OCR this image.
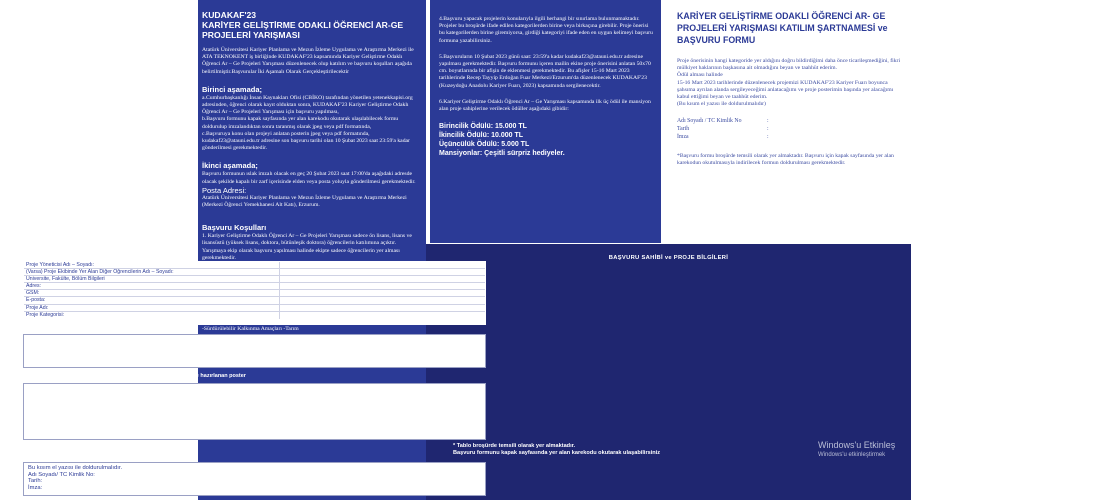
KUDAKAF'23
KARİYER GELİŞTİRME ODAKLI ÖĞRENCİ AR-GE PROJELERİ YARIŞMASI
Atatürk Üniversitesi Kariyer Planlama ve Mezun İzleme Uygulama ve Araştırma Merkezi ile ATA TEKNOKENT iş birliğinde KUDAKAF'23 kapsamında Kariyer Geliştirme Odaklı Öğrenci Ar – Ge Projeleri Yarışması düzenlenecek olup katılım ve başvuru koşulları aşağıda belirtilmiştir.Başvurular İki Aşamalı Olarak Gerçekleştirilecektir
Birinci aşamada;
a.Cumhurbaşkanlığı İnsan Kaynakları Ofisi (CBİKO) tarafından yönetilen yetenekkapisi.org adresinden, öğrenci olarak kayıt olduktan sonra, KUDAKAF'23 Kariyer Geliştirme Odaklı Öğrenci Ar – Ge Projeleri Yarışması için başvuru yapılması,
b.Başvuru formunu kapak sayfasında yer alan karekodu okutarak ulaşılabilecek formu doldurulup imzalandıktan sonra taranmış olarak jpeg veya pdf formatında,
c.Başvuruya konu olan projeyi anlatan posterin jpeg veya pdf formatında, kudakaf23@atauni.edu.tr adresine son başvuru tarihi olan 10 Şubat 2023 saat 23:59'a kadar gönderilmesi gerekmektedir.
İkinci aşamada;
Başvuru formunun ıslak imzalı olacak en geç 20 Şubat 2023 saat 17:00'da aşağıdaki adresde olacak şekilde kapalı bir zarf içerisinde elden veya posta yoluyla gönderilmesi gerekmektedir.
Posta Adresi:
Atatürk Üniversitesi Kariyer Planlama ve Mezun İzleme Uygulama ve Araştırma Merkezi
(Merkezi Öğrenci Yemekhanesi Alt Katı), Erzurum.
Başvuru Koşulları
1. Kariyer Geliştirme Odaklı Öğrenci Ar – Ge Projeleri Yarışması sadece ön lisans, lisans ve lisansüstü (yüksek lisans, doktora, bütünleşik doktora) öğrencilerin katılımına açıktır. Yarışmaya ekip olarak başvuru yapılması halinde ekipte sadece öğrencilerin yer alması gerekmektedir.

-Sürdürülebilir Kalkınma Amaçları -Tarım

4.Başvuru yapacak projelerin konularıyla ilgili herhangi bir sınırlama bulunmamaktadır. Projeler bu broşürde ifade edilen kategorilerden birine veya birkaçına girebilir. Proje önerisi bu kategorilerden birine giremiyorsa, girdiği kategoriyi ifade eden en uygun kelimeyi başvuru formuna yazabilirsiniz.
5.Başvuruların 10 Şubat 2023 günü saat: 23:59'a kadar kudakaf23@atauni.edu.tr adresine yapılması gerekmektedir. Başvuru formunu içeren mailin ekine proje önerisini anlatan 50x70 cm. boyutlarında bir afişin de eklenmesi gerekmektedir. Bu afişler 15-16 Mart 2023 tarihlerinde Recep Tayyip Erdoğan Fuar Merkezi/Erzurum'da düzenlenecek KUDAKAF'23 (Kuzeydoğu Anadolu Kariyer Fuarı, 2023) kapsamında sergilenecektir.
6.Kariyer Geliştirme Odaklı Öğrenci Ar – Ge Yarışması kapsamında ilk üç ödül ile mansiyon alan proje sahiplerine verilecek ödüller aşağıdaki gibidir:
Birincilik Ödülü: 15.000 TL
İkincilik Ödülü: 10.000 TL
Üçüncülük Ödülü: 5.000 TL
Mansiyonlar: Çeşitli sürpriz hediyeler.
KARİYER GELİŞTİRME ODAKLI ÖĞRENCİ AR- GE PROJELERİ YARIŞMASI KATILIM ŞARTNAMESİ ve BAŞVURU FORMU
Proje önerisinin hangi kategoride yer aldığını doğru bildirdiğimi daha önce ticarileşmediğini, fikri mülkiyet haklarının başkasına ait olmadığını beyan ve taahhüt ederim.
Ödül alması halinde
15-16 Mart 2023 tarihlerinde düzenlenecek projemizi KUDAKAF'23 Kariyer Fuarı boyunca şahsıma ayrılan alanda sergileyeceğimi anlatacağımı ve proje posterimin başında yer alacağımı kabul ettiğimi beyan ve taahhüt ederim.
(Bu kısım el yazısı ile doldurulmalıdır)
Adı Soyadı / TC Kimlik No	:
Tarih	:
İmza	:
*Başvuru formu broşürde temsili olarak yer almaktadır. Başvuru için kapak sayfasında yer alan karekodun okutulmasıyla indirilecek formun doldurulması gerekmektedir.
BAŞVURU SAHİBİ ve PROJE BİLGİLERİ
Proje Yöneticisi Adı – Soyadı:
(Varsa) Proje Ekibinde Yer Alan Diğer Öğrencilerin Adı – Soyadı:
Üniversite, Fakülte, Bölüm Bilgileri
Adres:
GSM:
E-posta:
Proje Adı:
Proje Kategorisi:
Projenin Açıklaması (en az 500 – en fazla 3000 kelime)
Projemizi anlatan ve KUDAKAF'23 kapsamında sergilenmek üzere hazırlanan poster
* Tablo broşürde temsili olarak yer almaktadır.
Başvuru formunu kapak sayfasında yer alan karekodu okutarak ulaşabilirsiniz
Bu kısım el yazısı ile doldurulmalıdır.
Adı Soyadı/ TC Kimlik No:
Tarih:
İmza:
Windows'u Etkinleş
Windows'u etkinleştirmek
